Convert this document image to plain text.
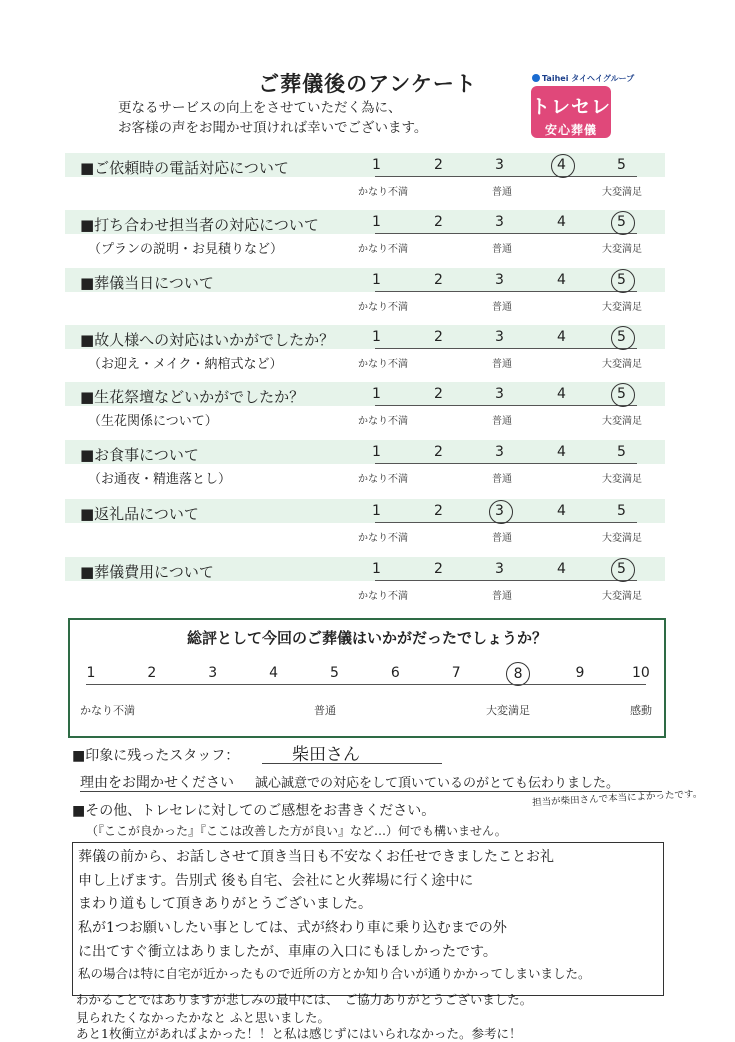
ご葬儀後のアンケート
更なるサービスの向上をさせていただく為に、
お客様の声をお聞かせ頂ければ幸いでございます。
Taihei タイヘイグループ
トレセレ
安心葬儀
■ご依頼時の電話対応について	1	2	3	4	5
かなり不満	普通	大変満足
■打ち合わせ担当者の対応について
（プランの説明・お見積りなど）
1	2	3	4	5
かなり不満	普通	大変満足
■葬儀当日について	1	2	3	4	5
かなり不満	普通	大変満足
■故人様への対応はいかがでしたか？
（お迎え・メイク・納棺式など）
1	2	3	4	5
かなり不満	普通	大変満足
■生花祭壇などいかがでしたか？
（生花関係について）
1	2	3	4	5
かなり不満	普通	大変満足
■お食事について
（お通夜・精進落とし）
1	2	3	4	5
かなり不満	普通	大変満足
■返礼品について	1	2	3	4	5
かなり不満	普通	大変満足
■葬儀費用について	1	2	3	4	5
かなり不満	普通	大変満足
総評として今回のご葬儀はいかがだったでしょうか？
1	2	3	4	5	6	7	8	9	10
かなり不満	普通	大変満足	感動
■印象に残ったスタッフ：	柴田さん
理由をお聞かせください 誠心誠意での対応をして頂いているのがとても伝わりました。
担当が柴田さんで本当によかったです。
■その他、トレセレに対してのご感想をお書きください。
（『ここが良かった』『ここは改善した方が良い』など…）何でも構いません。
葬儀の前から、お話しさせて頂き当日も不安なくお任せできましたことお礼
申し上げます。告別式 後も自宅、会社にと火葬場に行く途中に
まわり道もして頂きありがとうございました。
私が1つお願いしたい事としては、式が終わり車に乗り込むまでの外
に出てすぐ衝立はありましたが、車庫の入口にもほしかったです。
私の場合は特に自宅が近かったもので近所の方とか知り合いが通りかかってしまいました。
わかることではありますが悲しみの最中には、　ご協力ありがとうございました。
見られたくなかったかなと ふと思いました。
あと1枚衝立があればよかった！！と私は感じずにはいられなかった。参考に！
